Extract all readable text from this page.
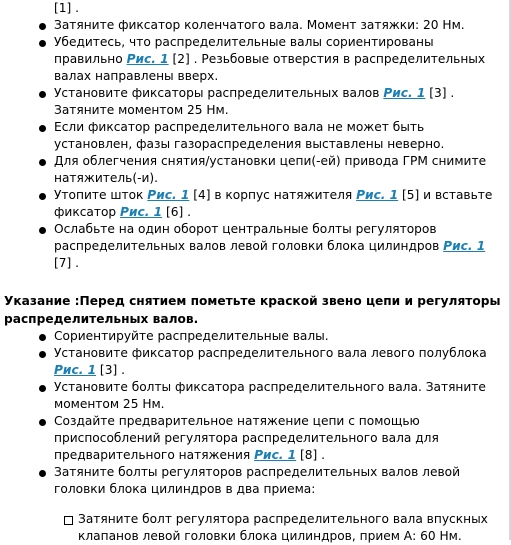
[1] .
Затяните фиксатор коленчатого вала. Момент затяжки: 20 Нм.
Убедитесь, что распределительные валы сориентированы правильно Рис. 1 [2] . Резьбовые отверстия в распределительных валах направлены вверх.
Установите фиксаторы распределительных валов Рис. 1 [3] . Затяните моментом 25 Нм.
Если фиксатор распределительного вала не может быть установлен, фазы газораспределения выставлены неверно.
Для облегчения снятия/установки цепи(-ей) привода ГРМ снимите натяжитель(-и).
Утопите шток Рис. 1 [4] в корпус натяжителя Рис. 1 [5] и вставьте фиксатор Рис. 1 [6] .
Ослабьте на один оборот центральные болты регуляторов распределительных валов левой головки блока цилиндров Рис. 1 [7] .
Указание :Перед снятием пометьте краской звено цепи и регуляторы распределительных валов.
Сориентируйте распределительные валы.
Установите фиксатор распределительного вала левого полублока Рис. 1 [3] .
Установите болты фиксатора распределительного вала. Затяните моментом 25 Нм.
Создайте предварительное натяжение цепи с помощью приспособлений регулятора распределительного вала для предварительного натяжения Рис. 1 [8] .
Затяните болты регуляторов распределительных валов левой головки блока цилиндров в два приема:
Затяните болт регулятора распределительного вала впускных клапанов левой головки блока цилиндров, прием А: 60 Нм.
